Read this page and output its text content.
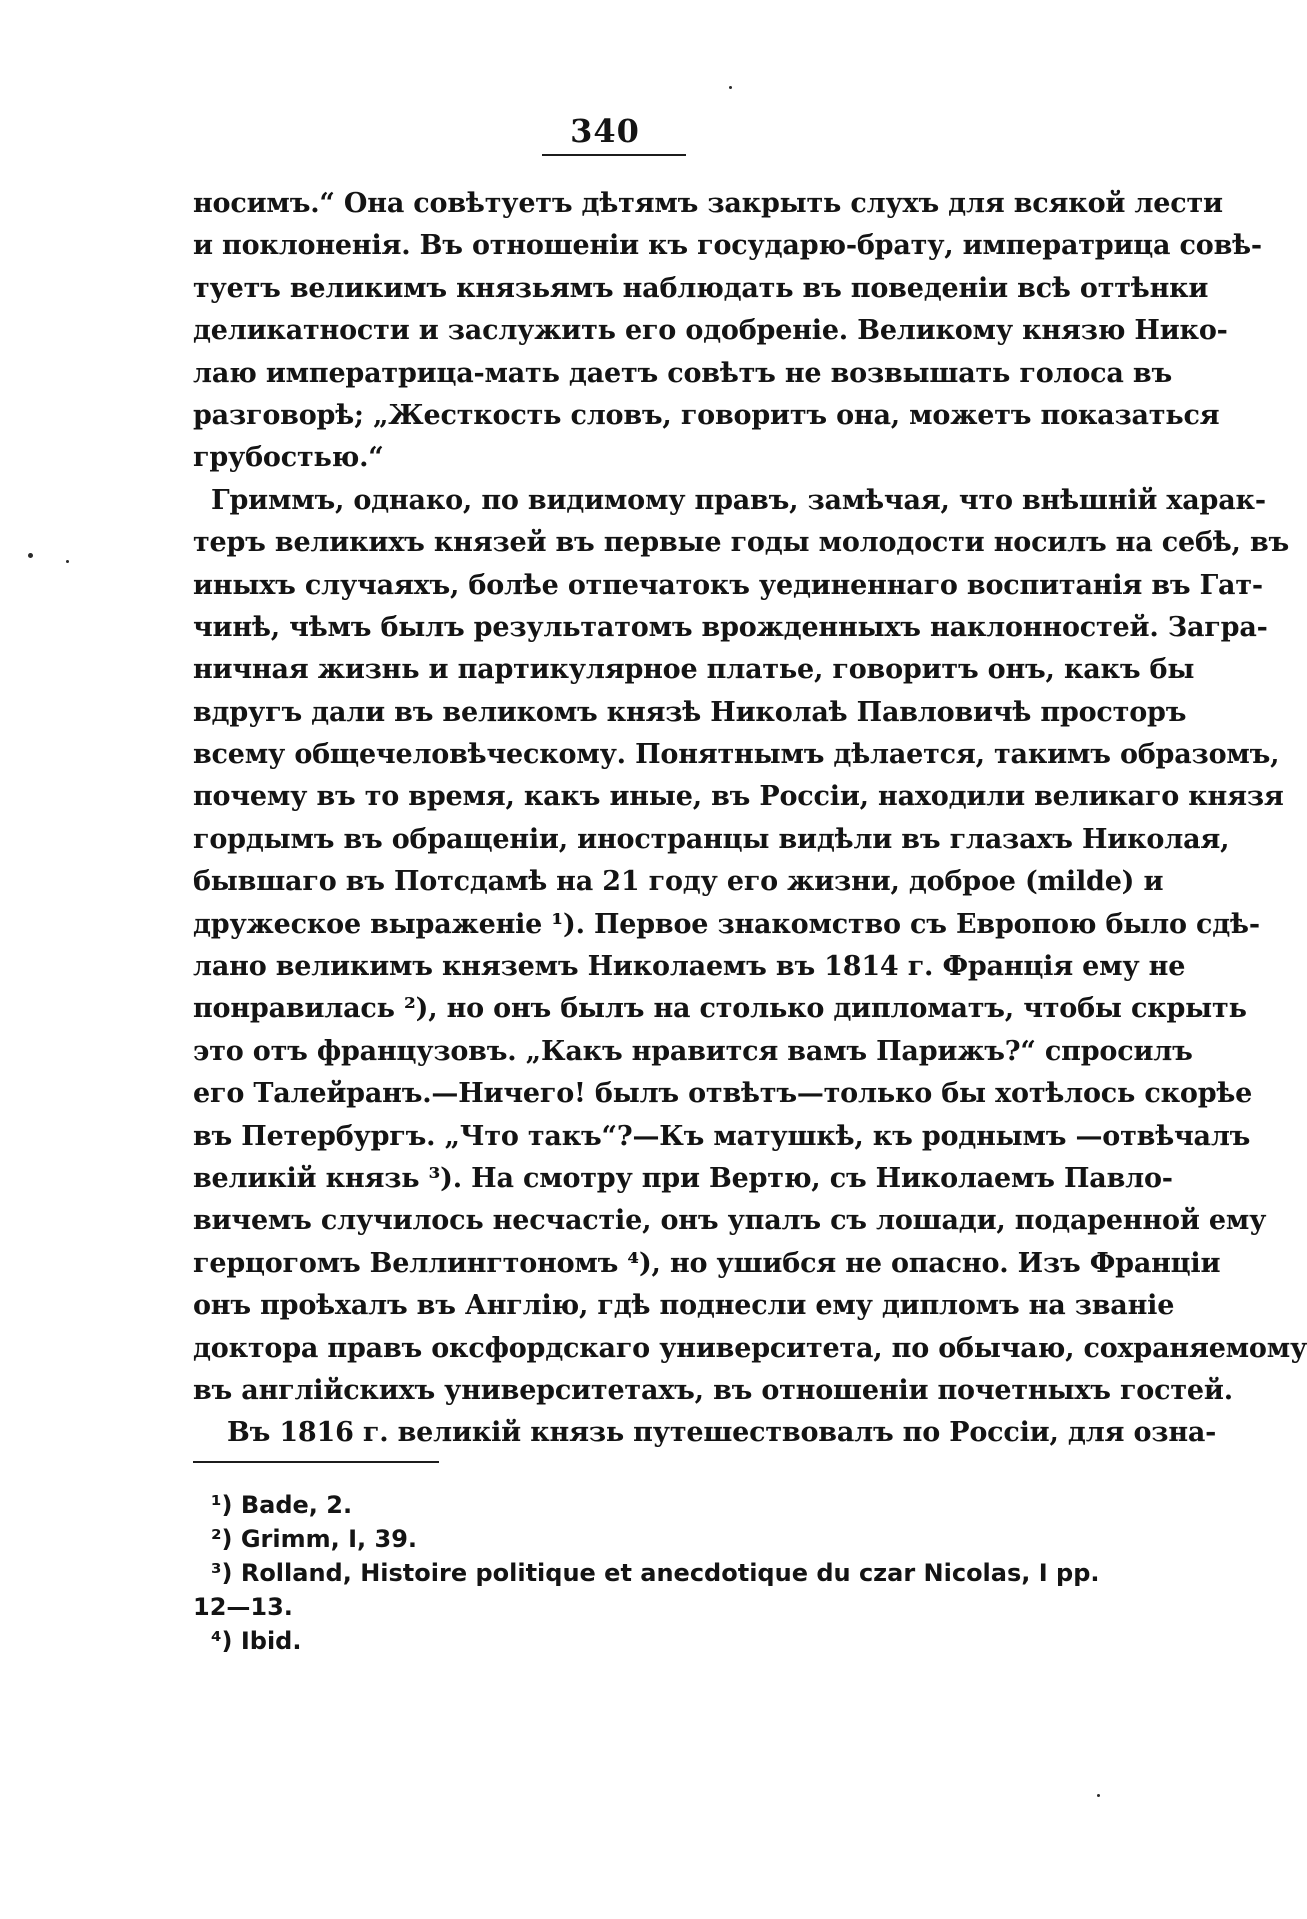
340
носимъ.“ Она совѣтуетъ дѣтямъ закрыть слухъ для всякой лести
и поклоненія. Въ отношеніи къ государю-брату, императрица совѣ-
туетъ великимъ князьямъ наблюдать въ поведеніи всѣ оттѣнки
деликатности и заслужить его одобреніе. Великому князю Нико-
лаю императрица-мать даетъ совѣтъ не возвышать голоса въ
разговорѣ; „Жесткость словъ, говоритъ она, можетъ показаться
грубостью.“
Гриммъ, однако, по видимому правъ, замѣчая, что внѣшній харак-
теръ великихъ князей въ первые годы молодости носилъ на себѣ, въ
иныхъ случаяхъ, болѣе отпечатокъ уединеннаго воспитанія въ Гат-
чинѣ, чѣмъ былъ результатомъ врожденныхъ наклонностей. Загра-
ничная жизнь и партикулярное платье, говоритъ онъ, какъ бы
вдругъ дали въ великомъ князѣ Николаѣ Павловичѣ просторъ
всему общечеловѣческому. Понятнымъ дѣлается, такимъ образомъ,
почему въ то время, какъ иные, въ Россіи, находили великаго князя
гордымъ въ обращеніи, иностранцы видѣли въ глазахъ Николая,
бывшаго въ Потсдамѣ на 21 году его жизни, доброе (milde) и
дружеское выраженіе ¹). Первое знакомство съ Европою было сдѣ-
лано великимъ княземъ Николаемъ въ 1814 г. Франція ему не
понравилась ²), но онъ былъ на столько дипломатъ, чтобы скрыть
это отъ французовъ. „Какъ нравится вамъ Парижъ?“ спросилъ
его Талейранъ.—Ничего! былъ отвѣтъ—только бы хотѣлось скорѣе
въ Петербургъ. „Что такъ“?—Къ матушкѣ, къ роднымъ —отвѣчалъ
великій князь ³). На смотру при Вертю, съ Николаемъ Павло-
вичемъ случилось несчастіе, онъ упалъ съ лошади, подаренной ему
герцогомъ Веллингтономъ ⁴), но ушибся не опасно. Изъ Франціи
онъ проѣхалъ въ Англію, гдѣ поднесли ему дипломъ на званіе
доктора правъ оксфордскаго университета, по обычаю, сохраняемому
въ англійскихъ университетахъ, въ отношеніи почетныхъ гостей.
Въ 1816 г. великій князь путешествовалъ по Россіи, для озна-
¹) Bade, 2.
²) Grimm, I, 39.
³) Rolland, Histoire politique et anecdotique du czar Nicolas, I pp.
12—13.
⁴) Ibid.
